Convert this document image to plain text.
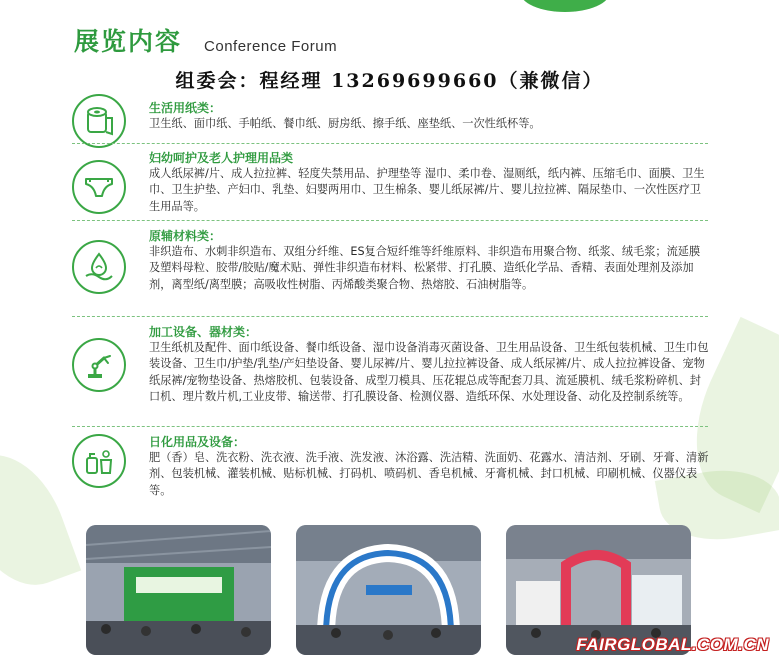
展览内容 Conference Forum
组委会：程经理 13269699660（兼微信）
生活用纸类：
卫生纸、面巾纸、手帕纸、餐巾纸、厨房纸、擦手纸、座垫纸、一次性纸杯等。
妇幼呵护及老人护理用品类
成人纸尿裤/片、成人拉拉裤、轻度失禁用品、护理垫等 湿巾、柔巾卷、湿厕纸，纸内裤、压缩毛巾、面膜、卫生巾、卫生护垫、产妇巾、乳垫、妇婴两用巾、卫生棉条、婴儿纸尿裤/片、婴儿拉拉裤、隔尿垫巾、一次性医疗卫生用品等。
原辅材料类：
非织造布、水刺非织造布、双组分纤维、ES复合短纤维等纤维原料、非织造布用聚合物、纸浆、绒毛浆；流延膜及塑料母粒、胶带/胶贴/魔术贴、弹性非织造布材料、松紧带、打孔膜、造纸化学品、香精、表面处理剂及添加剂，离型纸/离型膜；高吸收性树脂、丙烯酸类聚合物、热熔胶、石油树脂等。
加工设备、器材类：
卫生纸机及配件、面巾纸设备、餐巾纸设备、湿巾设备消毒灭菌设备、卫生用品设备、卫生纸包装机械、卫生巾包装设备、卫生巾/护垫/乳垫/产妇垫设备、婴儿尿裤/片、婴儿拉拉裤设备、成人纸尿裤/片、成人拉拉裤设备、宠物纸尿裤/宠物垫设备、热熔胶机、包装设备、成型刀模具、压花辊总成等配套刀具、流延膜机、绒毛浆粉碎机、封口机、理片数片机,工业皮带、输送带、打孔膜设备、检测仪器、造纸环保、水处理设备、动化及控制系统等。
日化用品及设备：
肥（香）皂、洗衣粉、洗衣液、洗手液、洗发液、沐浴露、洗洁精、洗面奶、花露水、清洁剂、牙刷、牙膏、清新剂、包装机械、灌装机械、贴标机械、打码机、喷码机、香皂机械、牙膏机械、封口机械、印刷机械、仪器仪表等。
FAIRGLOBAL.COM.CN
